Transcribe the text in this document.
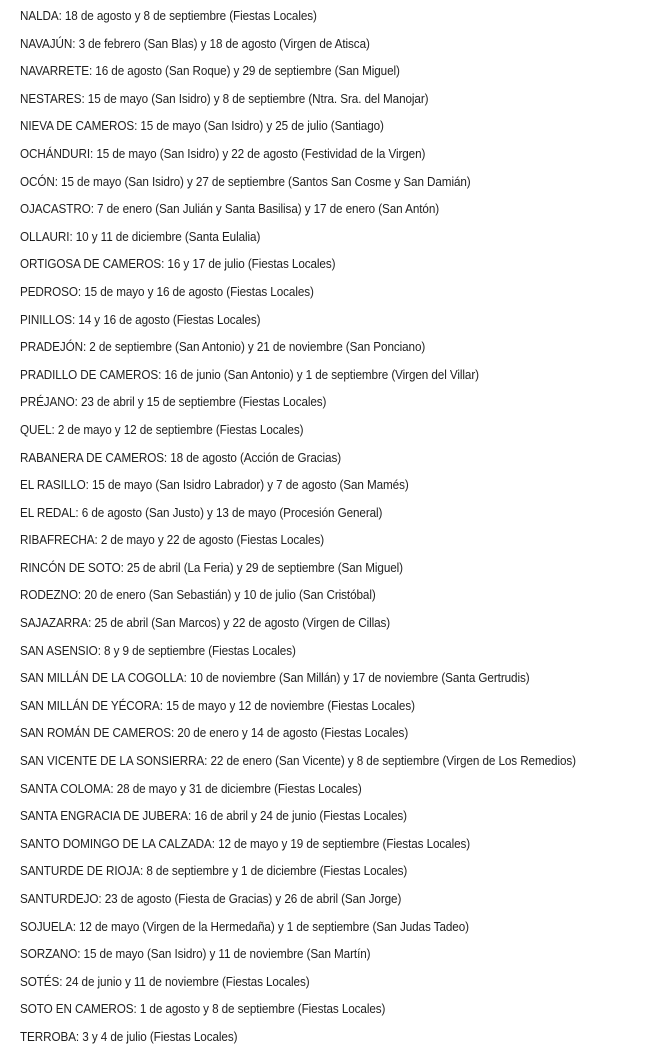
NALDA: 18 de agosto y 8 de septiembre (Fiestas Locales)
NAVAJÚN: 3 de febrero (San Blas) y 18 de agosto (Virgen de Atisca)
NAVARRETE: 16 de agosto (San Roque) y 29 de septiembre (San Miguel)
NESTARES: 15 de mayo (San Isidro) y 8 de septiembre (Ntra. Sra. del Manojar)
NIEVA DE CAMEROS: 15 de mayo (San Isidro) y 25 de julio (Santiago)
OCHÁNDURI: 15 de mayo (San Isidro) y 22 de agosto (Festividad de la Virgen)
OCÓN: 15 de mayo (San Isidro) y 27 de septiembre (Santos San Cosme y San Damián)
OJACASTRO: 7 de enero (San Julián y Santa Basilisa) y 17 de enero (San Antón)
OLLAURI: 10 y 11 de diciembre (Santa Eulalia)
ORTIGOSA DE CAMEROS: 16 y 17 de julio (Fiestas Locales)
PEDROSO: 15 de mayo y 16 de agosto (Fiestas Locales)
PINILLOS: 14 y 16 de agosto (Fiestas Locales)
PRADEJÓN: 2 de septiembre (San Antonio) y 21 de noviembre (San Ponciano)
PRADILLO DE CAMEROS: 16 de junio (San Antonio) y 1 de septiembre (Virgen del Villar)
PRÉJANO: 23 de abril y 15 de septiembre (Fiestas Locales)
QUEL: 2 de mayo y 12 de septiembre (Fiestas Locales)
RABANERA DE CAMEROS: 18 de agosto (Acción de Gracias)
EL RASILLO: 15 de mayo (San Isidro Labrador) y 7 de agosto (San Mamés)
EL REDAL: 6 de agosto (San Justo) y 13 de mayo (Procesión General)
RIBAFRECHA: 2 de mayo y 22 de agosto (Fiestas Locales)
RINCÓN DE SOTO: 25 de abril (La Feria) y 29 de septiembre (San Miguel)
RODEZNO: 20 de enero (San Sebastián) y 10 de julio (San Cristóbal)
SAJAZARRA: 25 de abril (San Marcos) y 22 de agosto (Virgen de Cillas)
SAN ASENSIO: 8 y 9 de septiembre (Fiestas Locales)
SAN MILLÁN DE LA COGOLLA: 10 de noviembre (San Millán) y 17 de noviembre (Santa Gertrudis)
SAN MILLÁN DE YÉCORA: 15 de mayo y 12 de noviembre (Fiestas Locales)
SAN ROMÁN DE CAMEROS: 20 de enero y 14 de agosto (Fiestas Locales)
SAN VICENTE DE LA SONSIERRA: 22 de enero (San Vicente) y 8 de septiembre (Virgen de Los Remedios)
SANTA COLOMA: 28 de mayo y 31 de diciembre (Fiestas Locales)
SANTA ENGRACIA DE JUBERA: 16 de abril y 24 de junio (Fiestas Locales)
SANTO DOMINGO DE LA CALZADA: 12 de mayo y 19 de septiembre (Fiestas Locales)
SANTURDE DE RIOJA: 8 de septiembre y 1 de diciembre (Fiestas Locales)
SANTURDEJO: 23 de agosto (Fiesta de Gracias) y 26 de abril (San Jorge)
SOJUELA: 12 de mayo (Virgen de la Hermedaña) y 1 de septiembre (San Judas Tadeo)
SORZANO: 15 de mayo (San Isidro) y 11 de noviembre (San Martín)
SOTÉS: 24 de junio y 11 de noviembre (Fiestas Locales)
SOTO EN CAMEROS: 1 de agosto y 8 de septiembre (Fiestas Locales)
TERROBA: 3 y 4 de julio (Fiestas Locales)
